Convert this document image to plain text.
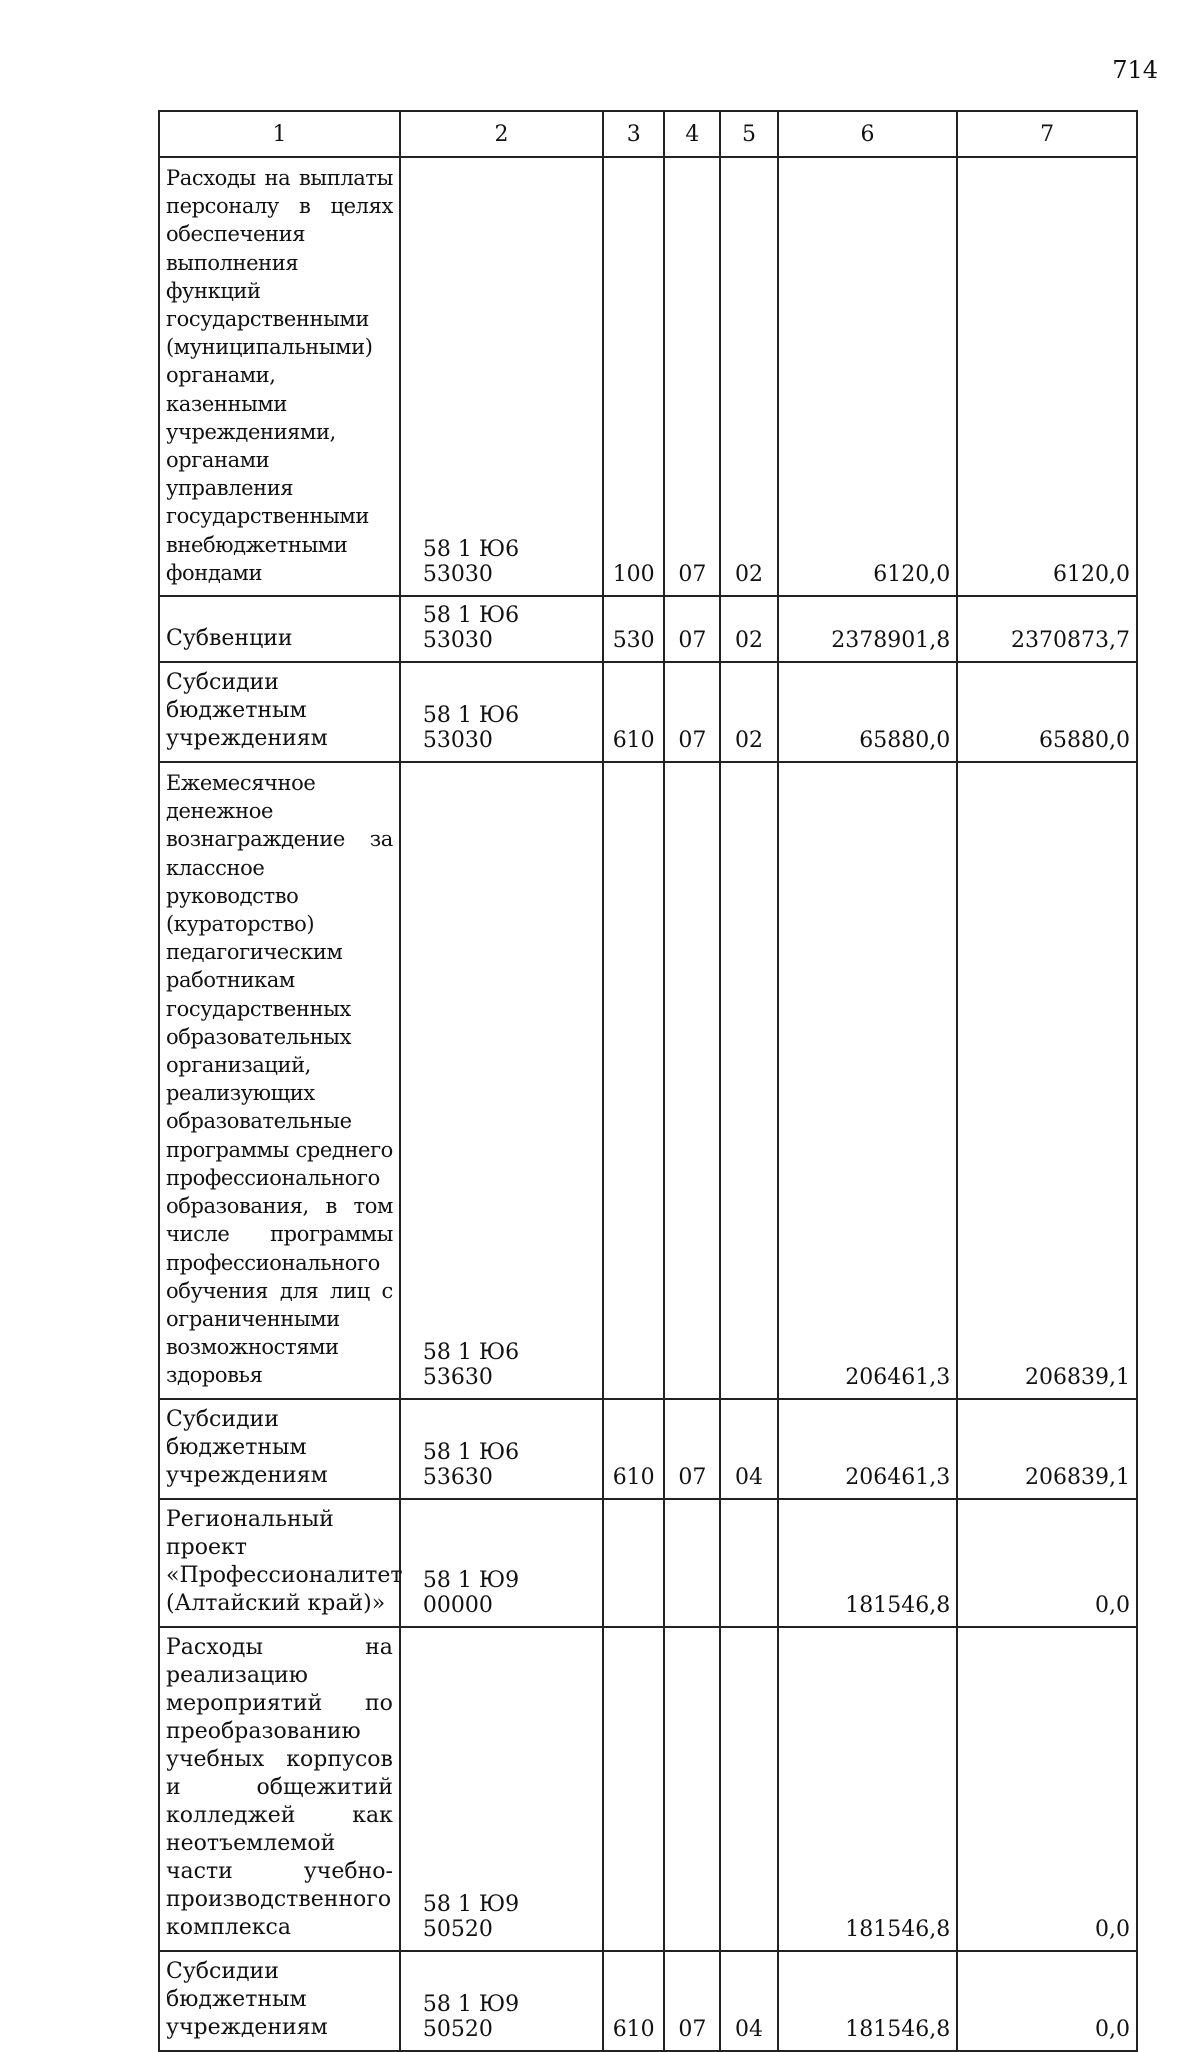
714
1	2	3	4	5	6	7
Расходы на выплаты персоналу в целях обеспечения выполнения функций государственными (муниципальными) органами, казенными учреждениями, органами управления государственными внебюджетными фондами	58 1 Ю6 53030	100	07	02	6120,0	6120,0
Субвенции	58 1 Ю6 53030	530	07	02	2378901,8	2370873,7
Субсидии бюджетным учреждениям	58 1 Ю6 53030	610	07	02	65880,0	65880,0
Ежемесячное денежное вознаграждение за классное руководство (кураторство) педагогическим работникам государственных образовательных организаций, реализующих образовательные программы среднего профессионального образования, в том числе программы профессионального обучения для лиц с ограниченными возможностями здоровья	58 1 Ю6 53630				206461,3	206839,1
Субсидии бюджетным учреждениям	58 1 Ю6 53630	610	07	04	206461,3	206839,1
Региональный проект «Профессионалитет (Алтайский край)»	58 1 Ю9 00000				181546,8	0,0
Расходы на реализацию мероприятий по преобразованию учебных корпусов и общежитий колледжей как неотъемлемой части учебно-производственного комплекса	58 1 Ю9 50520				181546,8	0,0
Субсидии бюджетным учреждениям	58 1 Ю9 50520	610	07	04	181546,8	0,0
